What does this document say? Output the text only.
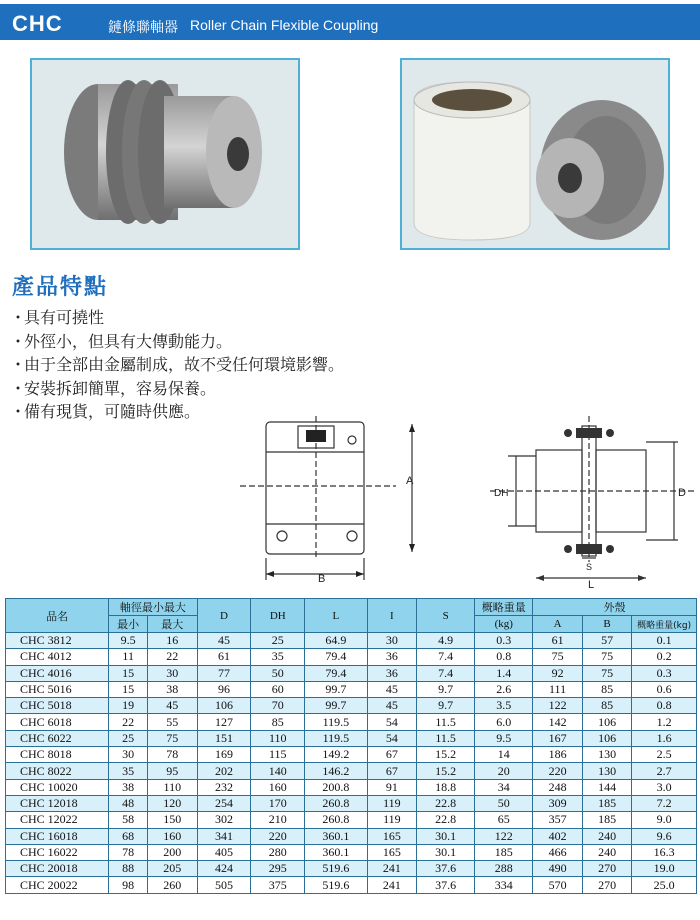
CHC	鏈條聯軸器 Roller Chain Flexible Coupling
產品特點
・具有可撓性
・外徑小，但具有大傳動能力。
・由于全部由金屬制成，故不受任何環境影響。
・安裝拆卸簡單，容易保養。
・備有現貨，可隨時供應。
A
B
DH	D
S
L
品名	軸徑最小最大		D	DH	L	I	S	概略重量	外殼		
	最小	最大						(kg)	A	B	概略重量(kg)
CHC 3812	9.5	16	45	25	64.9	30	4.9	0.3	61	57	0.1
CHC 4012	11	22	61	35	79.4	36	7.4	0.8	75	75	0.2
CHC 4016	15	30	77	50	79.4	36	7.4	1.4	92	75	0.3
CHC 5016	15	38	96	60	99.7	45	9.7	2.6	111	85	0.6
CHC 5018	19	45	106	70	99.7	45	9.7	3.5	122	85	0.8
CHC 6018	22	55	127	85	119.5	54	11.5	6.0	142	106	1.2
CHC 6022	25	75	151	110	119.5	54	11.5	9.5	167	106	1.6
CHC 8018	30	78	169	115	149.2	67	15.2	14	186	130	2.5
CHC 8022	35	95	202	140	146.2	67	15.2	20	220	130	2.7
CHC 10020	38	110	232	160	200.8	91	18.8	34	248	144	3.0
CHC 12018	48	120	254	170	260.8	119	22.8	50	309	185	7.2
CHC 12022	58	150	302	210	260.8	119	22.8	65	357	185	9.0
CHC 16018	68	160	341	220	360.1	165	30.1	122	402	240	9.6
CHC 16022	78	200	405	280	360.1	165	30.1	185	466	240	16.3
CHC 20018	88	205	424	295	519.6	241	37.6	288	490	270	19.0
CHC 20022	98	260	505	375	519.6	241	37.6	334	570	270	25.0
